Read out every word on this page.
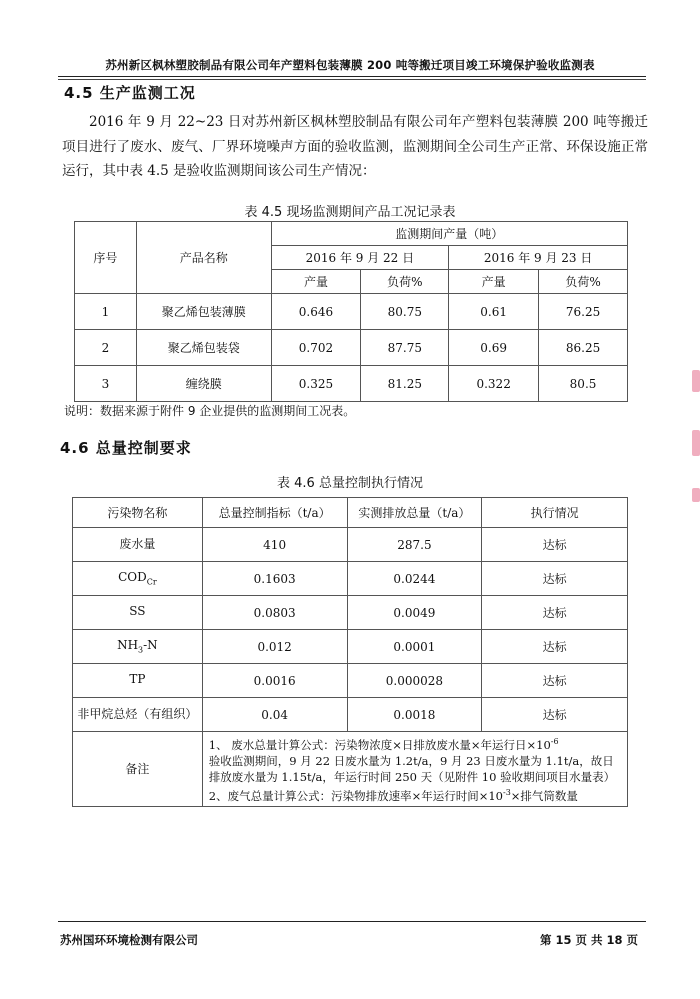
苏州新区枫林塑胶制品有限公司年产塑料包装薄膜 200 吨等搬迁项目竣工环境保护验收监测表
4.5 生产监测工况
2016 年 9 月 22~23 日对苏州新区枫林塑胶制品有限公司年产塑料包装薄膜 200 吨等搬迁项目进行了废水、废气、厂界环境噪声方面的验收监测，监测期间全公司生产正常、环保设施正常运行，其中表 4.5 是验收监测期间该公司生产情况：
表 4.5 现场监测期间产品工况记录表
序号	产品名称	监测期间产量（吨）			
		2016 年 9 月 22 日		2016 年 9 月 23 日	
		产量	负荷%	产量	负荷%
1	聚乙烯包装薄膜	0.646	80.75	0.61	76.25
2	聚乙烯包装袋	0.702	87.75	0.69	86.25
3	缠绕膜	0.325	81.25	0.322	80.5
说明：数据来源于附件 9 企业提供的监测期间工况表。
4.6 总量控制要求
表 4.6 总量控制执行情况
污染物名称	总量控制指标（t/a）	实测排放总量（t/a）	执行情况
废水量	410	287.5	达标
$COD_{Cr}$	0.1603	0.0244	达标
SS	0.0803	0.0049	达标
$NH_3-N$	0.012	0.0001	达标
TP	0.0016	0.000028	达标
非甲烷总烃（有组织）	0.04	0.0018	达标
备注	1、 废水总量计算公式：污染物浓度×日排放废水量×年运行日$\times 10^{-6}$
验收监测期间，9 月 22 日废水量为 1.2t/a，9 月 23 日废水量为 1.1t/a，故日排放废水量为 1.15t/a，年运行时间 250 天（见附件 10 验收期间项目水量表）
2、废气总量计算公式：污染物排放速率×年运行时间$\times 10^{-3}\times$排气筒数量		
苏州国环环境检测有限公司	第 15 页 共 18 页
